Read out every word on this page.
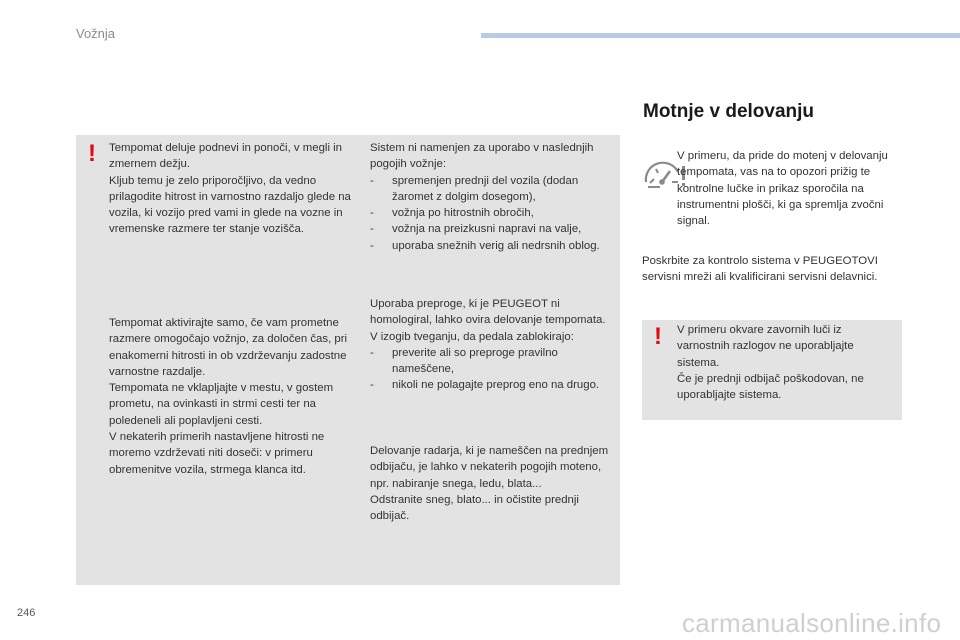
Vožnja
! Tempomat deluje podnevi in ponoči, v megli in zmernem dežju.

Kljub temu je zelo priporočljivo, da vedno prilagodite hitrost in varnostno razdaljo glede na vozila, ki vozijo pred vami in glede na vozne in vremenske razmere ter stanje vozišča.

Tempomat aktivirajte samo, če vam prometne razmere omogočajo vožnjo, za določen čas, pri enakomerni hitrosti in ob vzdrževanju zadostne varnostne razdalje.

Tempomata ne vklapljajte v mestu, v gostem prometu, na ovinkasti in strmi cesti ter na poledeneli ali poplavljeni cesti.

V nekaterih primerih nastavljene hitrosti ne moremo vzdrževati niti doseči: v primeru obremenitve vozila, strmega klanca itd.

Sistem ni namenjen za uporabo v naslednjih pogojih vožnje:

- spremenjen prednji del vozila (dodan žaromet z dolgim dosegom),
- vožnja po hitrostnih obročih,
- vožnja na preizkusni napravi na valje,
- uporaba snežnih verig ali nedrsnih oblog.

Uporaba preproge, ki je PEUGEOT ni homologiral, lahko ovira delovanje tempomata.

V izogib tveganju, da pedala zablokirajo:

- preverite ali so preproge pravilno nameščene,
- nikoli ne polagajte preprog eno na drugo.

Delovanje radarja, ki je nameščen na prednjem odbijaču, je lahko v nekaterih pogojih moteno, npr. nabiranje snega, ledu, blata...

Odstranite sneg, blato... in očistite prednji odbijač.

Motnje v delovanju

V primeru, da pride do motenj v delovanju tempomata, vas na to opozori prižig te kontrolne lučke in prikaz sporočila na instrumentni plošči, ki ga spremlja zvočni signal.

Poskrbite za kontrolo sistema v PEUGEOTOVI servisni mreži ali kvalificirani servisni delavnici.

! V primeru okvare zavornih luči iz varnostnih razlogov ne uporabljajte sistema.

Če je prednji odbijač poškodovan, ne uporabljajte sistema.

246	carmanualsonline.info
